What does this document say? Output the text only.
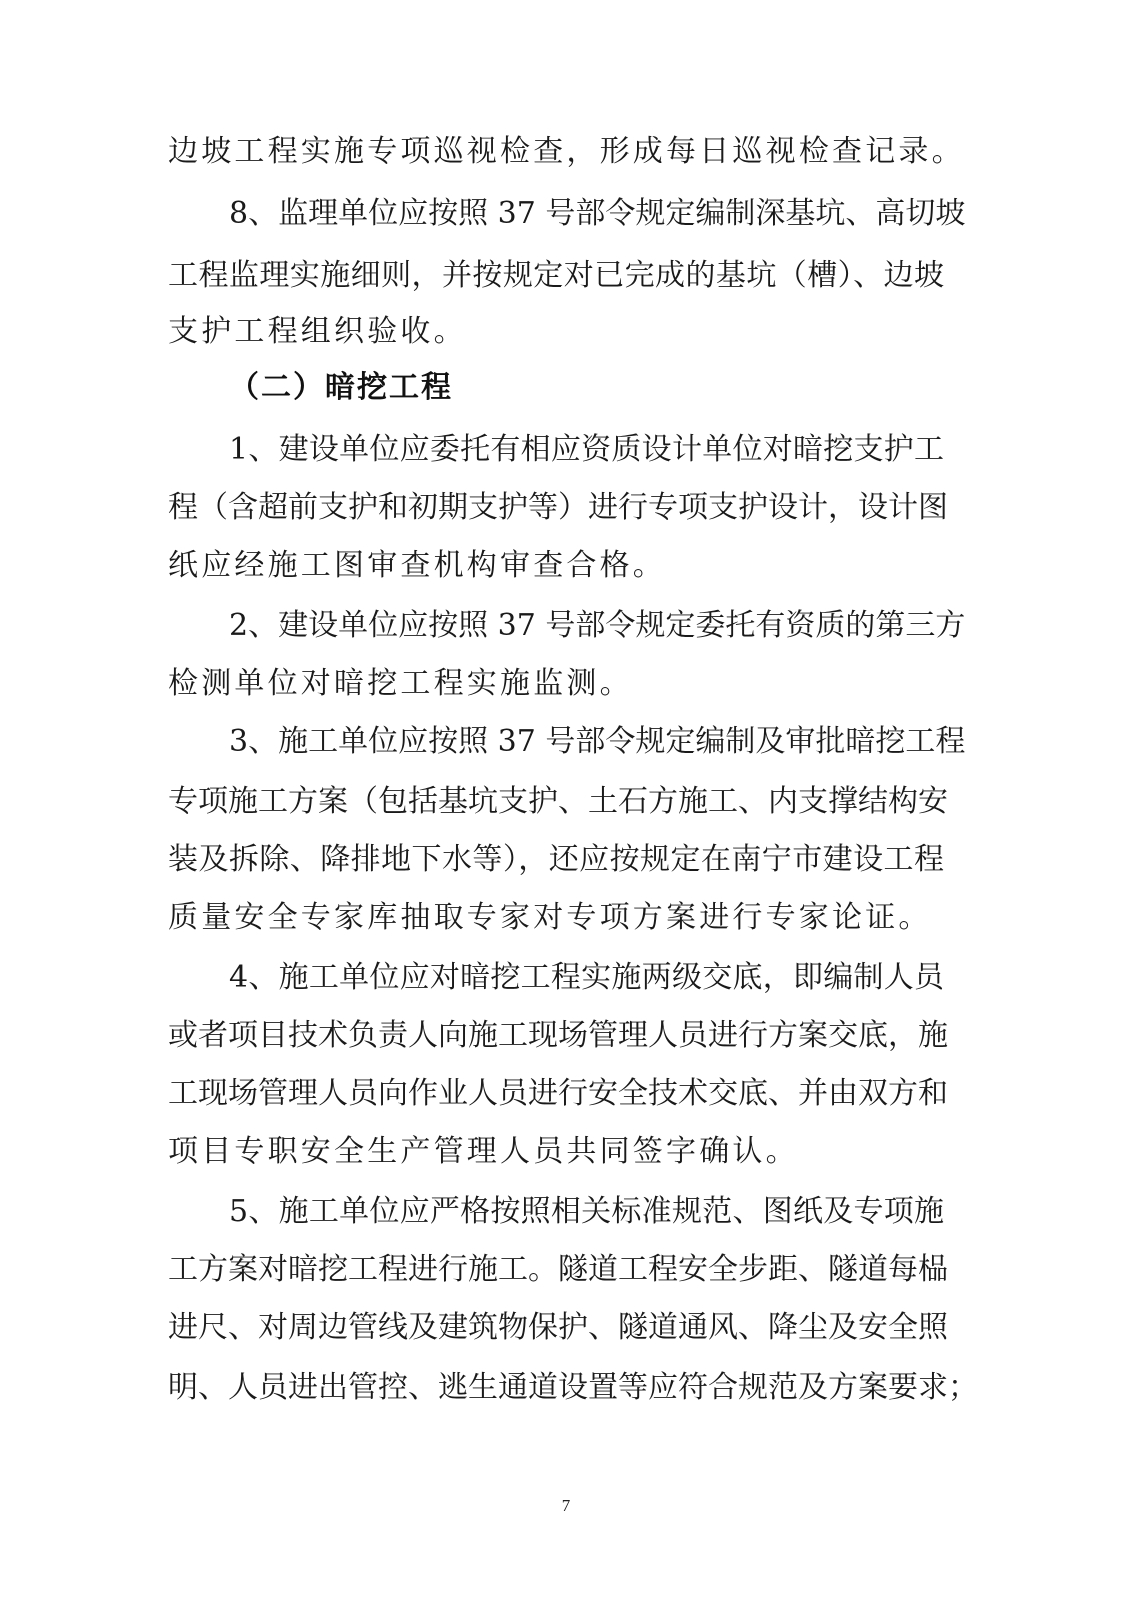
边坡工程实施专项巡视检查，形成每日巡视检查记录。
8、监理单位应按照 37 号部令规定编制深基坑、高切坡
工程监理实施细则，并按规定对已完成的基坑（槽）、边坡
支护工程组织验收。
（二）暗挖工程
1、建设单位应委托有相应资质设计单位对暗挖支护工
程（含超前支护和初期支护等）进行专项支护设计，设计图
纸应经施工图审查机构审查合格。
2、建设单位应按照 37 号部令规定委托有资质的第三方
检测单位对暗挖工程实施监测。
3、施工单位应按照 37 号部令规定编制及审批暗挖工程
专项施工方案（包括基坑支护、土石方施工、内支撑结构安
装及拆除、降排地下水等），还应按规定在南宁市建设工程
质量安全专家库抽取专家对专项方案进行专家论证。
4、施工单位应对暗挖工程实施两级交底，即编制人员
或者项目技术负责人向施工现场管理人员进行方案交底，施
工现场管理人员向作业人员进行安全技术交底、并由双方和
项目专职安全生产管理人员共同签字确认。
5、施工单位应严格按照相关标准规范、图纸及专项施
工方案对暗挖工程进行施工。隧道工程安全步距、隧道每榀
进尺、对周边管线及建筑物保护、隧道通风、降尘及安全照
明、人员进出管控、逃生通道设置等应符合规范及方案要求；
7
